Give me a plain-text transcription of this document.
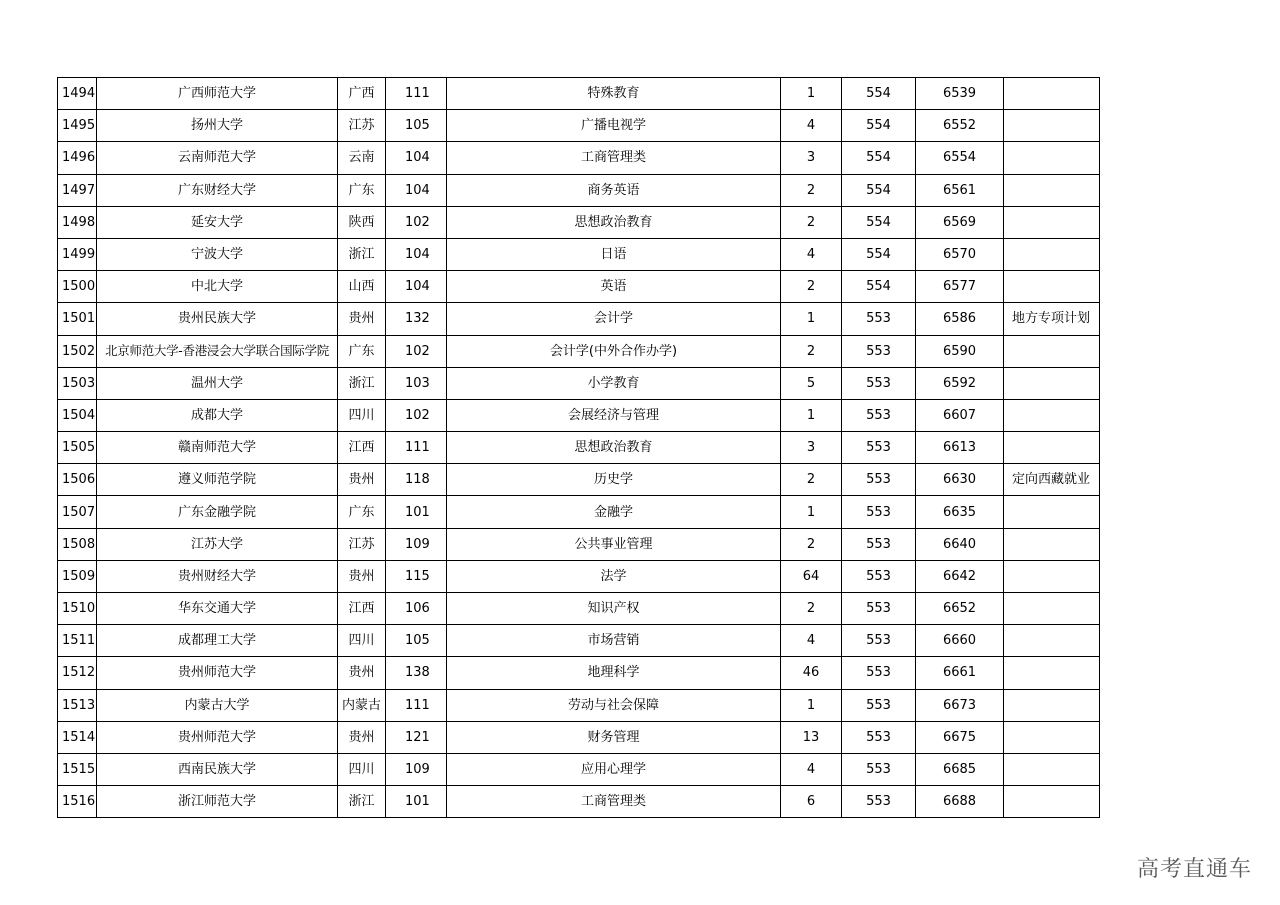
1494	广西师范大学	广西	111	特殊教育	1	554	6539	
1495	扬州大学	江苏	105	广播电视学	4	554	6552	
1496	云南师范大学	云南	104	工商管理类	3	554	6554	
1497	广东财经大学	广东	104	商务英语	2	554	6561	
1498	延安大学	陕西	102	思想政治教育	2	554	6569	
1499	宁波大学	浙江	104	日语	4	554	6570	
1500	中北大学	山西	104	英语	2	554	6577	
1501	贵州民族大学	贵州	132	会计学	1	553	6586	地方专项计划
1502	北京师范大学-香港浸会大学联合国际学院	广东	102	会计学(中外合作办学)	2	553	6590	
1503	温州大学	浙江	103	小学教育	5	553	6592	
1504	成都大学	四川	102	会展经济与管理	1	553	6607	
1505	赣南师范大学	江西	111	思想政治教育	3	553	6613	
1506	遵义师范学院	贵州	118	历史学	2	553	6630	定向西藏就业
1507	广东金融学院	广东	101	金融学	1	553	6635	
1508	江苏大学	江苏	109	公共事业管理	2	553	6640	
1509	贵州财经大学	贵州	115	法学	64	553	6642	
1510	华东交通大学	江西	106	知识产权	2	553	6652	
1511	成都理工大学	四川	105	市场营销	4	553	6660	
1512	贵州师范大学	贵州	138	地理科学	46	553	6661	
1513	内蒙古大学	内蒙古	111	劳动与社会保障	1	553	6673	
1514	贵州师范大学	贵州	121	财务管理	13	553	6675	
1515	西南民族大学	四川	109	应用心理学	4	553	6685	
1516	浙江师范大学	浙江	101	工商管理类	6	553	6688	
高考直通车
